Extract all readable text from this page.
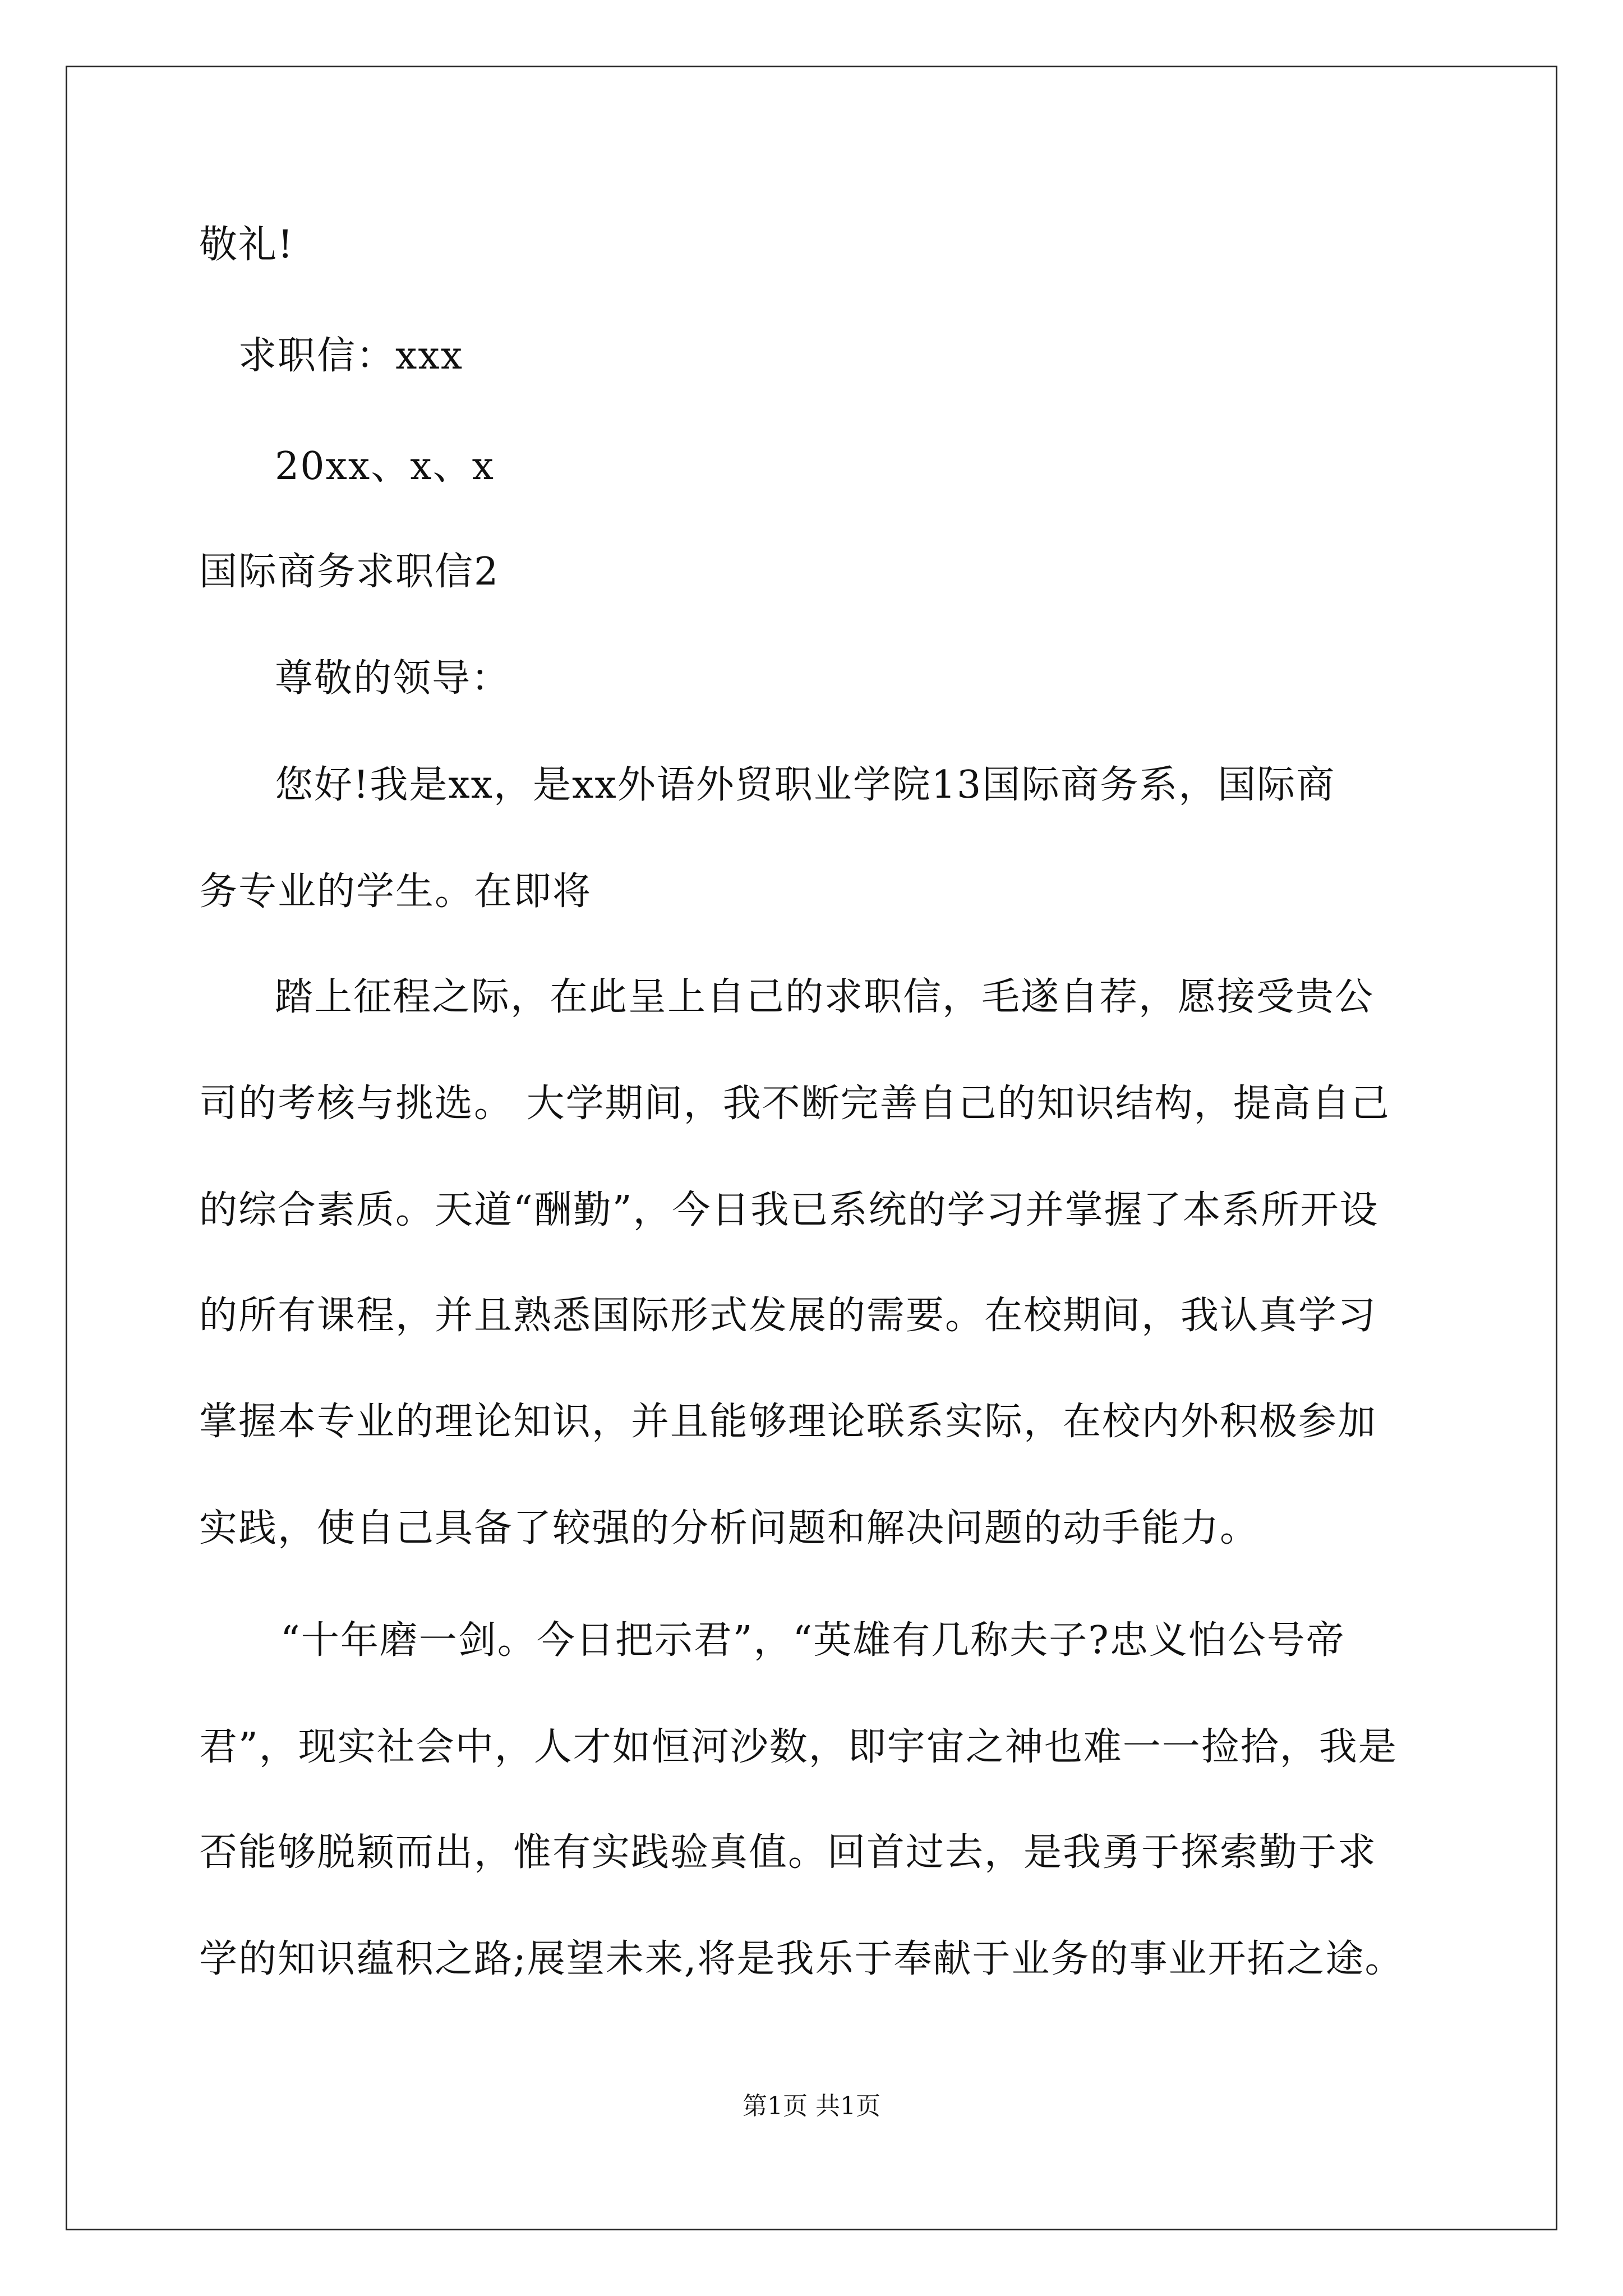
敬礼!
求职信：xxx
20xx、x、x
国际商务求职信2
尊敬的领导：
您好!我是xx，是xx外语外贸职业学院13国际商务系，国际商
务专业的学生。在即将
踏上征程之际，在此呈上自己的求职信，毛遂自荐，愿接受贵公
司的考核与挑选。 大学期间，我不断完善自己的知识结构，提高自己
的综合素质。天道“酬勤”，今日我已系统的学习并掌握了本系所开设
的所有课程，并且熟悉国际形式发展的需要。在校期间，我认真学习
掌握本专业的理论知识，并且能够理论联系实际，在校内外积极参加
实践，使自己具备了较强的分析问题和解决问题的动手能力。
“十年磨一剑。今日把示君”，“英雄有几称夫子?忠义怕公号帝
君”，现实社会中，人才如恒河沙数，即宇宙之神也难一一捡拾，我是
否能够脱颖而出，惟有实践验真值。回首过去，是我勇于探索勤于求
学的知识蕴积之路;展望未来,将是我乐于奉献于业务的事业开拓之途。
第1页 共1页
